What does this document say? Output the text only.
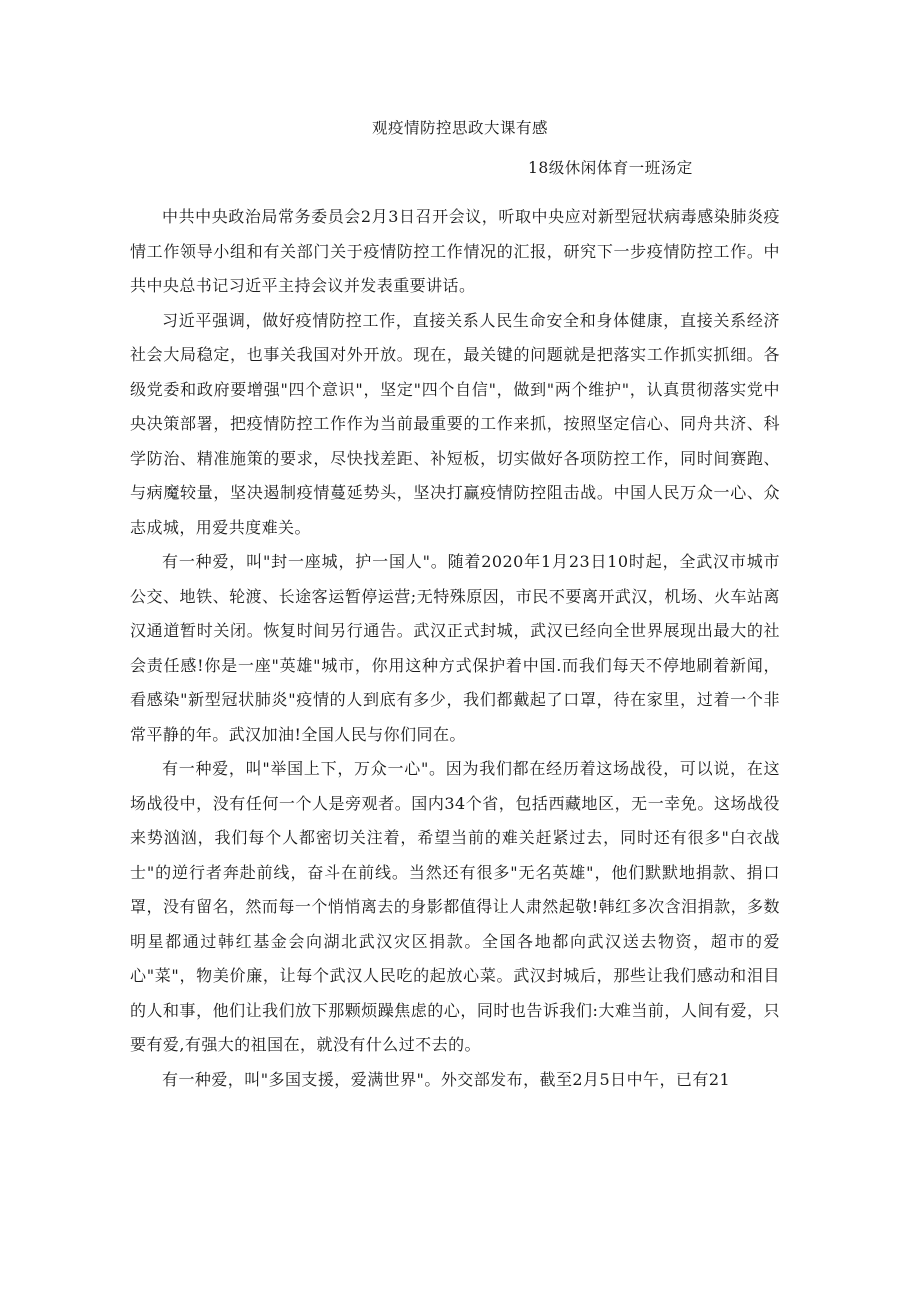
观疫情防控思政大课有感
18级休闲体育一班汤定

中共中央政治局常务委员会2月3日召开会议，听取中央应对新型冠状病毒感染肺炎疫情工作领导小组和有关部门关于疫情防控工作情况的汇报，研究下一步疫情防控工作。中共中央总书记习近平主持会议并发表重要讲话。

习近平强调，做好疫情防控工作，直接关系人民生命安全和身体健康，直接关系经济社会大局稳定，也事关我国对外开放。现在，最关键的问题就是把落实工作抓实抓细。各级党委和政府要增强"四个意识"，坚定"四个自信"，做到"两个维护"，认真贯彻落实党中央决策部署，把疫情防控工作作为当前最重要的工作来抓，按照坚定信心、同舟共济、科学防治、精准施策的要求，尽快找差距、补短板，切实做好各项防控工作，同时间赛跑、与病魔较量，坚决遏制疫情蔓延势头，坚决打赢疫情防控阻击战。中国人民万众一心、众志成城，用爱共度难关。

有一种爱，叫"封一座城，护一国人"。随着2020年1月23日10时起，全武汉市城市公交、地铁、轮渡、长途客运暂停运营;无特殊原因，市民不要离开武汉，机场、火车站离汉通道暂时关闭。恢复时间另行通告。武汉正式封城，武汉已经向全世界展现出最大的社会责任感!你是一座"英雄"城市，你用这种方式保护着中国.而我们每天不停地刷着新闻，看感染"新型冠状肺炎"疫情的人到底有多少，我们都戴起了口罩，待在家里，过着一个非常平静的年。武汉加油!全国人民与你们同在。

有一种爱，叫"举国上下，万众一心"。因为我们都在经历着这场战役，可以说，在这场战役中，没有任何一个人是旁观者。国内34个省，包括西藏地区，无一幸免。这场战役来势汹汹，我们每个人都密切关注着，希望当前的难关赶紧过去，同时还有很多"白衣战士"的逆行者奔赴前线，奋斗在前线。当然还有很多"无名英雄"，他们默默地捐款、捐口罩，没有留名，然而每一个悄悄离去的身影都值得让人肃然起敬!韩红多次含泪捐款，多数明星都通过韩红基金会向湖北武汉灾区捐款。全国各地都向武汉送去物资，超市的爱心"菜"，物美价廉，让每个武汉人民吃的起放心菜。武汉封城后，那些让我们感动和泪目的人和事，他们让我们放下那颗烦躁焦虑的心，同时也告诉我们:大难当前，人间有爱，只要有爱,有强大的祖国在，就没有什么过不去的。

有一种爱，叫"多国支援，爱满世界"。外交部发布，截至2月5日中午，已有21
